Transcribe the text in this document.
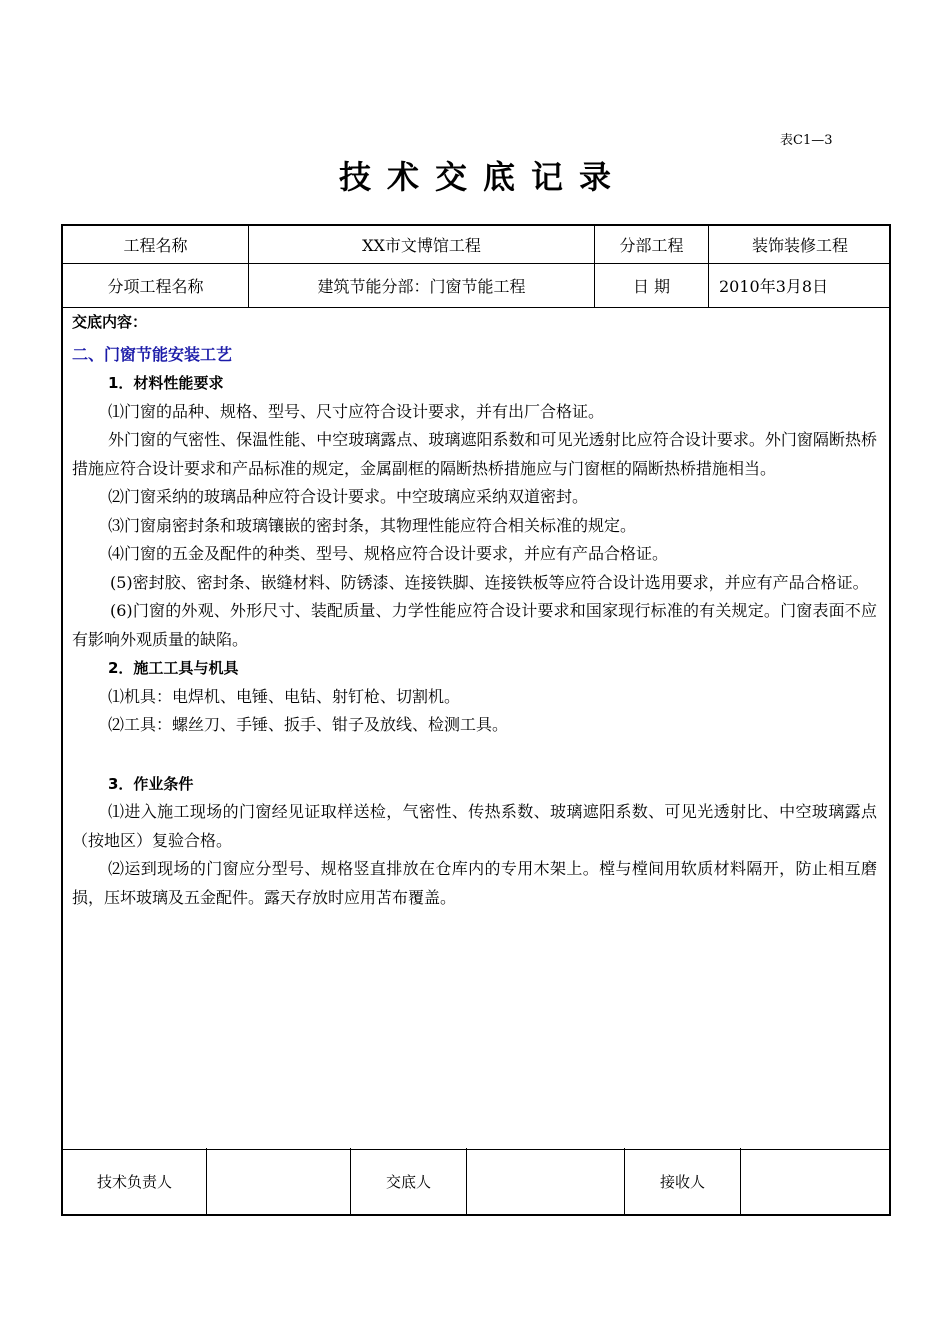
表C1—3
技术交底记录
工程名称	XX市文博馆工程	分部工程	装饰装修工程
分项工程名称	建筑节能分部：门窗节能工程	日 期	2010年3月8日

交底内容：

二、门窗节能安装工艺

1．材料性能要求

⑴门窗的品种、规格、型号、尺寸应符合设计要求，并有出厂合格证。

外门窗的气密性、保温性能、中空玻璃露点、玻璃遮阳系数和可见光透射比应符合设计要求。外门窗隔断热桥措施应符合设计要求和产品标准的规定，金属副框的隔断热桥措施应与门窗框的隔断热桥措施相当。

⑵门窗采纳的玻璃品种应符合设计要求。中空玻璃应采纳双道密封。

⑶门窗扇密封条和玻璃镶嵌的密封条，其物理性能应符合相关标准的规定。

⑷门窗的五金及配件的种类、型号、规格应符合设计要求，并应有产品合格证。

(5)密封胶、密封条、嵌缝材料、防锈漆、连接铁脚、连接铁板等应符合设计选用要求，并应有产品合格证。

(6)门窗的外观、外形尺寸、装配质量、力学性能应符合设计要求和国家现行标准的有关规定。门窗表面不应有影响外观质量的缺陷。

2．施工工具与机具

⑴机具：电焊机、电锤、电钻、射钉枪、切割机。

⑵工具：螺丝刀、手锤、扳手、钳子及放线、检测工具。

3．作业条件

⑴进入施工现场的门窗经见证取样送检，气密性、传热系数、玻璃遮阳系数、可见光透射比、中空玻璃露点（按地区）复验合格。

⑵运到现场的门窗应分型号、规格竖直排放在仓库内的专用木架上。樘与樘间用软质材料隔开，防止相互磨损，压坏玻璃及五金配件。露天存放时应用苫布覆盖。

技术负责人	交底人	接收人
